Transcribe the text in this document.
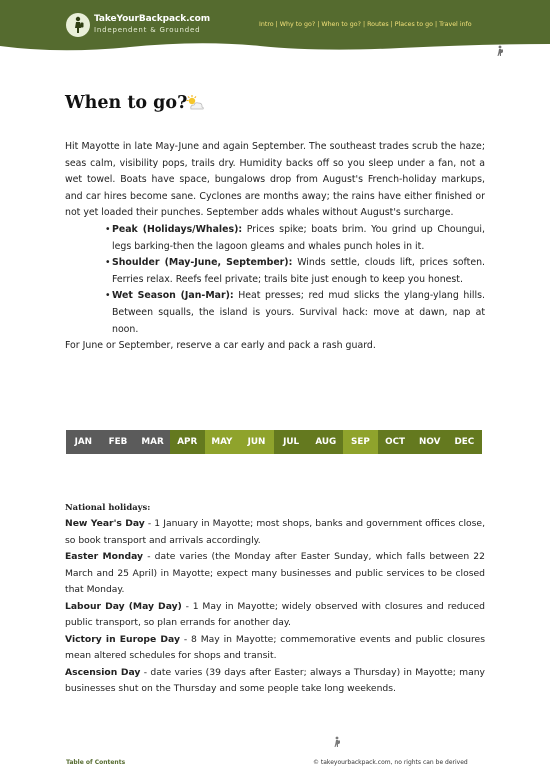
TakeYourBackpack.com
Independent & Grounded
Intro | Why to go? | When to go? | Routes | Places to go | Travel info
When to go?

Hit Mayotte in late May-June and again September. The southeast trades scrub the haze; seas calm, visibility pops, trails dry. Humidity backs off so you sleep under a fan, not a wet towel. Boats have space, bungalows drop from August's French-holiday markups, and car hires become sane. Cyclones are months away; the rains have either finished or not yet loaded their punches. September adds whales without August's surcharge.

• Peak (Holidays/Whales): Prices spike; boats brim. You grind up Choungui, legs barking-then the lagoon gleams and whales punch holes in it.
• Shoulder (May-June, September): Winds settle, clouds lift, prices soften. Ferries relax. Reefs feel private; trails bite just enough to keep you honest.
• Wet Season (Jan-Mar): Heat presses; red mud slicks the ylang-ylang hills. Between squalls, the island is yours. Survival hack: move at dawn, nap at noon.

For June or September, reserve a car early and pack a rash guard.

JAN	FEB	MAR	APR	MAY	JUN	JUL	AUG	SEP	OCT	NOV	DEC
National holidays:

New Year's Day - 1 January in Mayotte; most shops, banks and government offices close, so book transport and arrivals accordingly.

Easter Monday - date varies (the Monday after Easter Sunday, which falls between 22 March and 25 April) in Mayotte; expect many businesses and public services to be closed that Monday.

Labour Day (May Day) - 1 May in Mayotte; widely observed with closures and reduced public transport, so plan errands for another day.

Victory in Europe Day - 8 May in Mayotte; commemorative events and public closures mean altered schedules for shops and transit.

Ascension Day - date varies (39 days after Easter; always a Thursday) in Mayotte; many businesses shut on the Thursday and some people take long weekends.

Table of Contents	© takeyourbackpack.com, no rights can be derived
